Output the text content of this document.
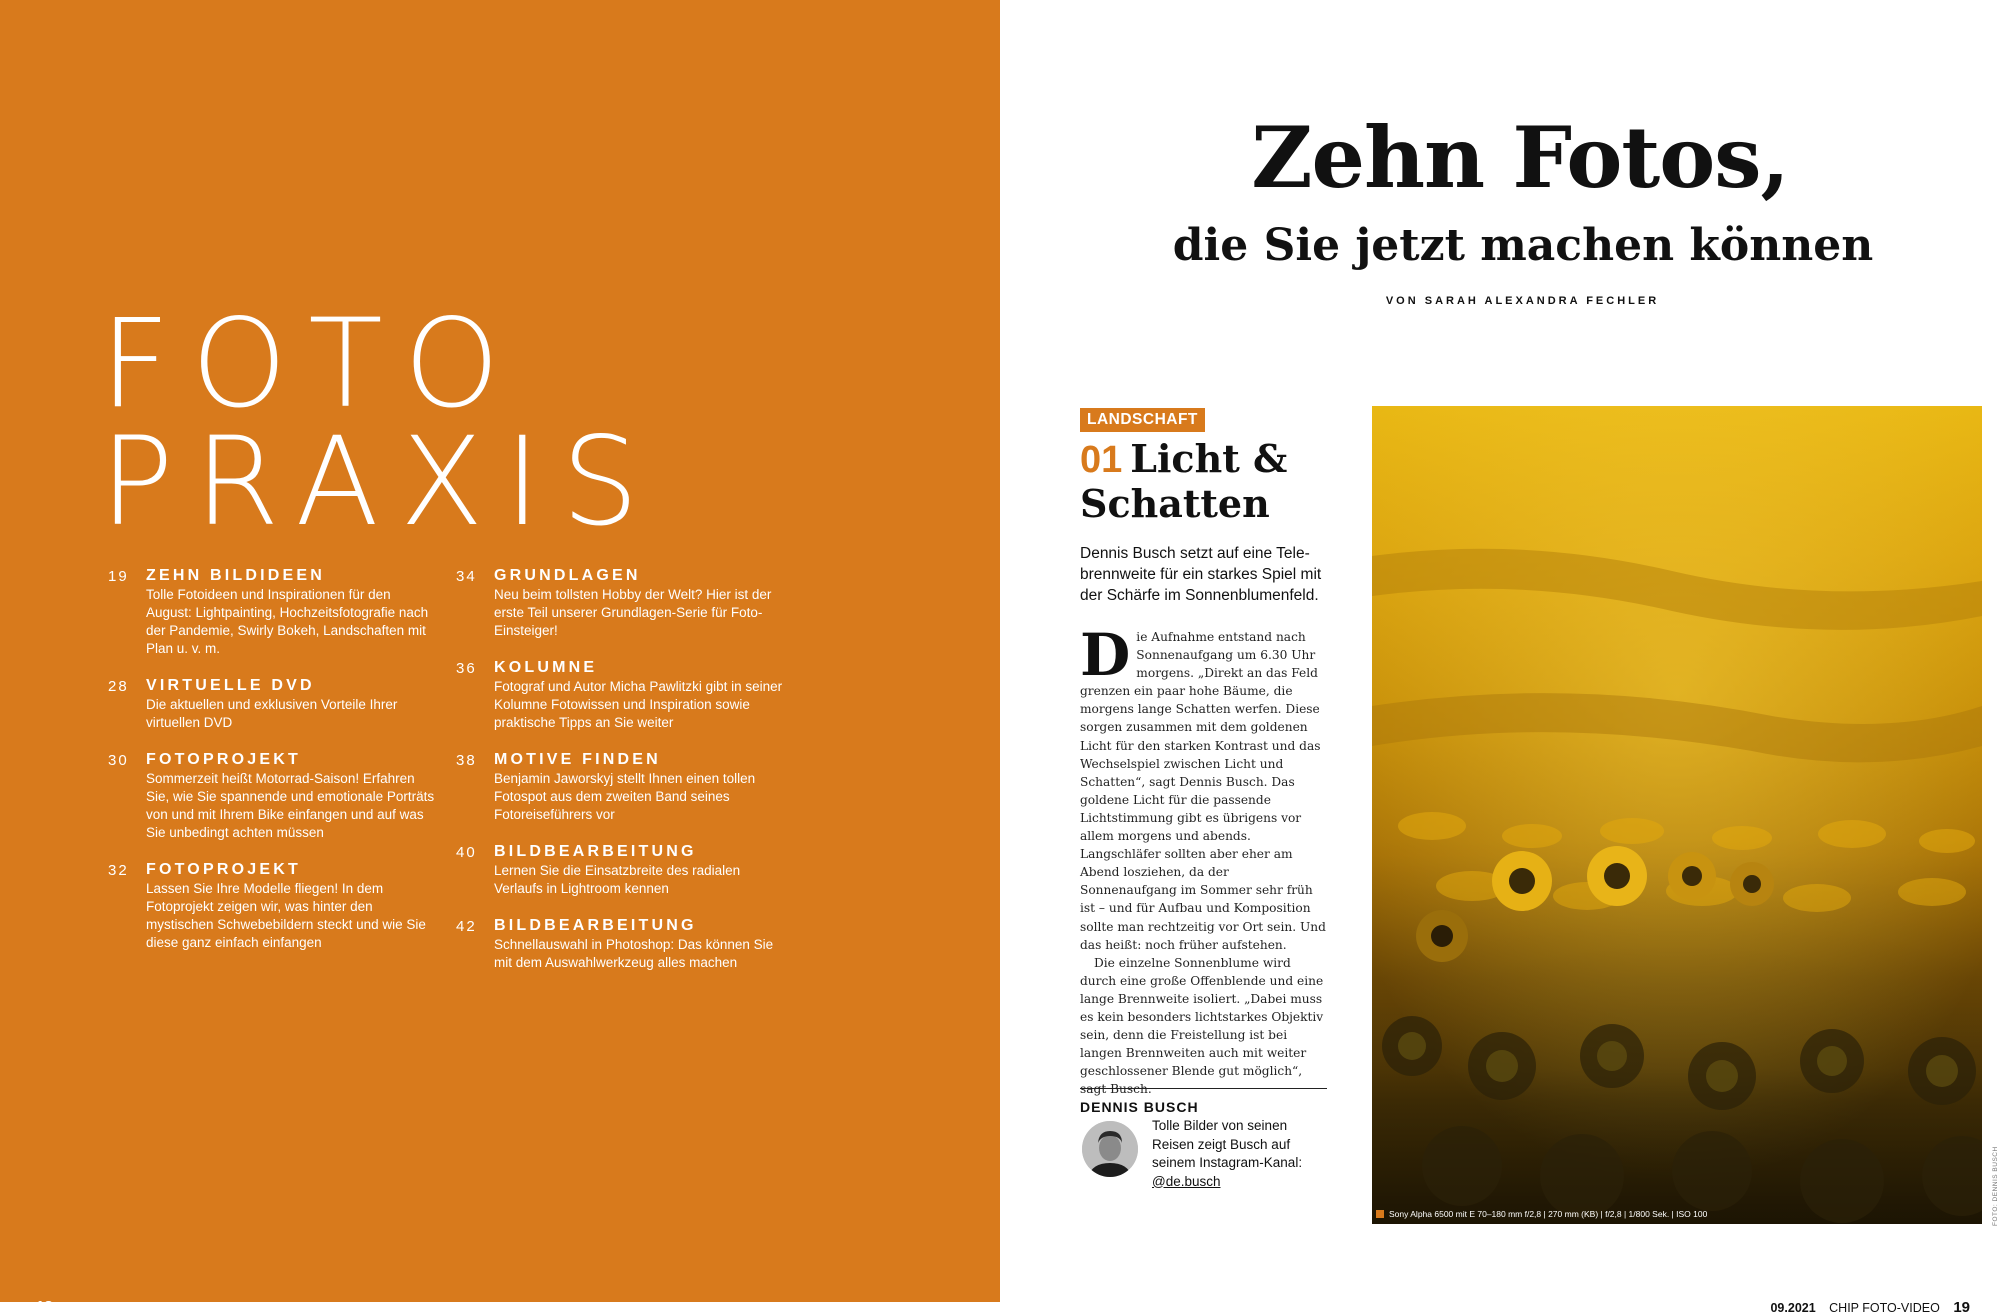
FOTO
PRAXIS
19 ZEHN BILDIDEEN
Tolle Fotoideen und Inspirationen für den August: Lightpainting, Hochzeitsfotografie nach der Pandemie, Swirly Bokeh, Landschaften mit Plan u. v. m.
28 VIRTUELLE DVD
Die aktuellen und exklusiven Vorteile Ihrer virtuellen DVD
30 FOTOPROJEKT
Sommerzeit heißt Motorrad-Saison! Erfahren Sie, wie Sie spannende und emotionale Porträts von und mit Ihrem Bike einfangen und auf was Sie unbedingt achten müssen
32 FOTOPROJEKT
Lassen Sie Ihre Modelle fliegen! In dem Fotoprojekt zeigen wir, was hinter den mystischen Schwebebildern steckt und wie Sie diese ganz einfach einfangen
34 GRUNDLAGEN
Neu beim tollsten Hobby der Welt? Hier ist der erste Teil unserer Grundlagen-Serie für Foto-Einsteiger!
36 KOLUMNE
Fotograf und Autor Micha Pawlitzki gibt in seiner Kolumne Fotowissen und Inspiration sowie praktische Tipps an Sie weiter
38 MOTIVE FINDEN
Benjamin Jaworskyj stellt Ihnen einen tollen Fotospot aus dem zweiten Band seines Fotoreiseführers vor
40 BILDBEARBEITUNG
Lernen Sie die Einsatzbreite des radialen Verlaufs in Lightroom kennen
42 BILDBEARBEITUNG
Schnellauswahl in Photoshop: Das können Sie mit dem Auswahlwerkzeug alles machen
18 CHIP FOTO-VIDEO 09.2021
Zehn Fotos,
die Sie jetzt machen können
VON SARAH ALEXANDRA FECHLER
LANDSCHAFT
01 Licht & Schatten
Dennis Busch setzt auf eine Tele-brennweite für ein starkes Spiel mit der Schärfe im Sonnenblumenfeld.

Die Aufnahme entstand nach Sonnenaufgang um 6.30 Uhr morgens. „Direkt an das Feld grenzen ein paar hohe Bäume, die morgens lange Schatten werfen. Diese sorgen zusammen mit dem goldenen Licht für den starken Kontrast und das Wechselspiel zwischen Licht und Schatten“, sagt Dennis Busch. Das goldene Licht für die passende Lichtstimmung gibt es übrigens vor allem morgens und abends. Langschläfer sollten aber eher am Abend losziehen, da der Sonnenaufgang im Sommer sehr früh ist – und für Aufbau und Komposition sollte man rechtzeitig vor Ort sein. Und das heißt: noch früher aufstehen.

Die einzelne Sonnenblume wird durch eine große Offenblende und eine lange Brennweite isoliert. „Dabei muss es kein besonders lichtstarkes Objektiv sein, denn die Freistellung ist bei langen Brennweiten auch mit weiter geschlossener Blende gut möglich“, sagt Busch.

DENNIS BUSCH
Tolle Bilder von seinen Reisen zeigt Busch auf seinem Instagram-Kanal: @de.busch
Sony Alpha 6500 mit E 70–180 mm f/2,8 | 270 mm (KB) | f/2,8 | 1/800 Sek. | ISO 100	FOTO: DENNIS BUSCH
09.2021 CHIP FOTO-VIDEO 19
